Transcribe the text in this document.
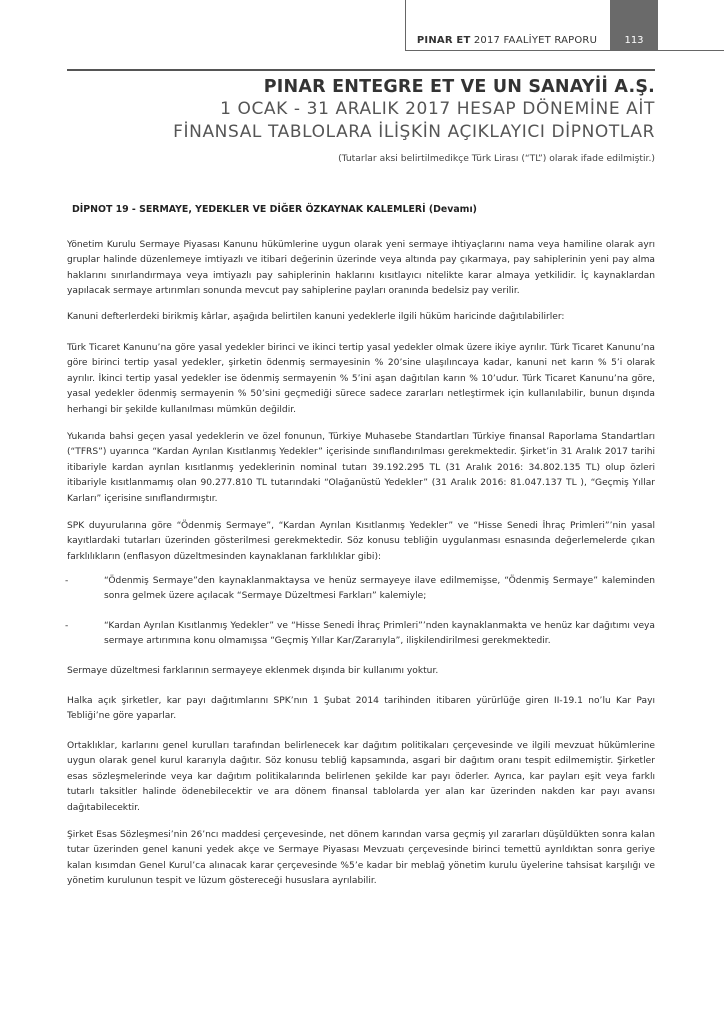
PINAR ET 2017 FAALİYET RAPORU	113
PINAR ENTEGRE ET VE UN SANAYİİ A.Ş.
1 OCAK - 31 ARALIK 2017 HESAP DÖNEMİNE AİT
FİNANSAL TABLOLARA İLİŞKİN AÇIKLAYICI DİPNOTLAR
(Tutarlar aksi belirtilmedikçe Türk Lirası (“TL”) olarak ifade edilmiştir.)
DİPNOT 19 - SERMAYE, YEDEKLER VE DİĞER ÖZKAYNAK KALEMLERİ (Devamı)
Yönetim Kurulu Sermaye Piyasası Kanunu hükümlerine uygun olarak yeni sermaye ihtiyaçlarını nama veya hamiline olarak ayrı gruplar halinde düzenlemeye imtiyazlı ve itibari değerinin üzerinde veya altında pay çıkarmaya, pay sahiplerinin yeni pay alma haklarını sınırlandırmaya veya imtiyazlı pay sahiplerinin haklarını kısıtlayıcı nitelikte karar almaya yetkilidir. İç kaynaklardan yapılacak sermaye artırımları sonunda mevcut pay sahiplerine payları oranında bedelsiz pay verilir.
Kanuni defterlerdeki birikmiş kârlar, aşağıda belirtilen kanuni yedeklerle ilgili hüküm haricinde dağıtılabilirler:
Türk Ticaret Kanunu’na göre yasal yedekler birinci ve ikinci tertip yasal yedekler olmak üzere ikiye ayrılır. Türk Ticaret Kanunu’na göre birinci tertip yasal yedekler, şirketin ödenmiş sermayesinin % 20’sine ulaşılıncaya kadar, kanuni net karın % 5’i olarak ayrılır. İkinci tertip yasal yedekler ise ödenmiş sermayenin % 5’ini aşan dağıtılan karın % 10’udur. Türk Ticaret Kanunu’na göre, yasal yedekler ödenmiş sermayenin % 50’sini geçmediği sürece sadece zararları netleştirmek için kullanılabilir, bunun dışında herhangi bir şekilde kullanılması mümkün değildir.
Yukarıda bahsi geçen yasal yedeklerin ve özel fonunun, Türkiye Muhasebe Standartları Türkiye finansal Raporlama Standartları (“TFRS”) uyarınca “Kardan Ayrılan Kısıtlanmış Yedekler” içerisinde sınıflandırılması gerekmektedir. Şirket’in 31 Aralık 2017 tarihi itibariyle kardan ayrılan kısıtlanmış yedeklerinin nominal tutarı 39.192.295 TL (31 Aralık 2016: 34.802.135 TL) olup özleri itibariyle kısıtlanmamış olan 90.277.810 TL tutarındaki “Olağanüstü Yedekler” (31 Aralık 2016: 81.047.137 TL ), “Geçmiş Yıllar Karları” içerisine sınıflandırmıştır.
SPK duyurularına göre “Ödenmiş Sermaye”, “Kardan Ayrılan Kısıtlanmış Yedekler” ve “Hisse Senedi İhraç Primleri”’nin yasal kayıtlardaki tutarları üzerinden gösterilmesi gerekmektedir. Söz konusu tebliğin uygulanması esnasında değerlemelerde çıkan farklılıkların (enflasyon düzeltmesinden kaynaklanan farklılıklar gibi):
-	“Ödenmiş Sermaye”den kaynaklanmaktaysa ve henüz sermayeye ilave edilmemişse, “Ödenmiş Sermaye” kaleminden sonra gelmek üzere açılacak “Sermaye Düzeltmesi Farkları” kalemiyle;
-	“Kardan Ayrılan Kısıtlanmış Yedekler” ve “Hisse Senedi İhraç Primleri”’nden kaynaklanmakta ve henüz kar dağıtımı veya sermaye artırımına konu olmamışsa “Geçmiş Yıllar Kar/Zararıyla”, ilişkilendirilmesi gerekmektedir.
Sermaye düzeltmesi farklarının sermayeye eklenmek dışında bir kullanımı yoktur.
Halka açık şirketler, kar payı dağıtımlarını SPK’nın 1 Şubat 2014 tarihinden itibaren yürürlüğe giren II-19.1 no’lu Kar Payı Tebliği’ne göre yaparlar.
Ortaklıklar, karlarını genel kurulları tarafından belirlenecek kar dağıtım politikaları çerçevesinde ve ilgili mevzuat hükümlerine uygun olarak genel kurul kararıyla dağıtır. Söz konusu tebliğ kapsamında, asgari bir dağıtım oranı tespit edilmemiştir. Şirketler esas sözleşmelerinde veya kar dağıtım politikalarında belirlenen şekilde kar payı öderler. Ayrıca, kar payları eşit veya farklı tutarlı taksitler halinde ödenebilecektir ve ara dönem finansal tablolarda yer alan kar üzerinden nakden kar payı avansı dağıtabilecektir.
Şirket Esas Sözleşmesi’nin 26’ncı maddesi çerçevesinde, net dönem karından varsa geçmiş yıl zararları düşüldükten sonra kalan tutar üzerinden genel kanuni yedek akçe ve Sermaye Piyasası Mevzuatı çerçevesinde birinci temettü ayrıldıktan sonra geriye kalan kısımdan Genel Kurul’ca alınacak karar çerçevesinde %5’e kadar bir meblağ yönetim kurulu üyelerine tahsisat karşılığı ve yönetim kurulunun tespit ve lüzum göstereceği hususlara ayrılabilir.
